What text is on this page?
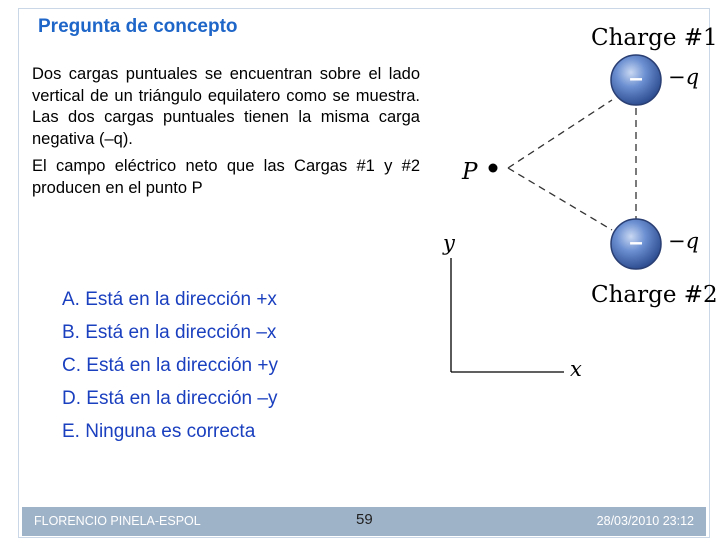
Pregunta de concepto

Dos cargas puntuales se encuentran sobre el lado vertical de un triángulo equilatero como se muestra. Las dos cargas puntuales tienen la misma carga negativa (–q).

El campo eléctrico neto que las Cargas #1 y #2 producen en el punto P

A. Está en la dirección +x
B. Está en la dirección –x
C. Está en la dirección +y
D. Está en la dirección –y
E. Ninguna es correcta
Charge #1
– −q
– −q
Charge #2
P
y
x
FLORENCIO PINELA-ESPOL	59	28/03/2010 23:12
